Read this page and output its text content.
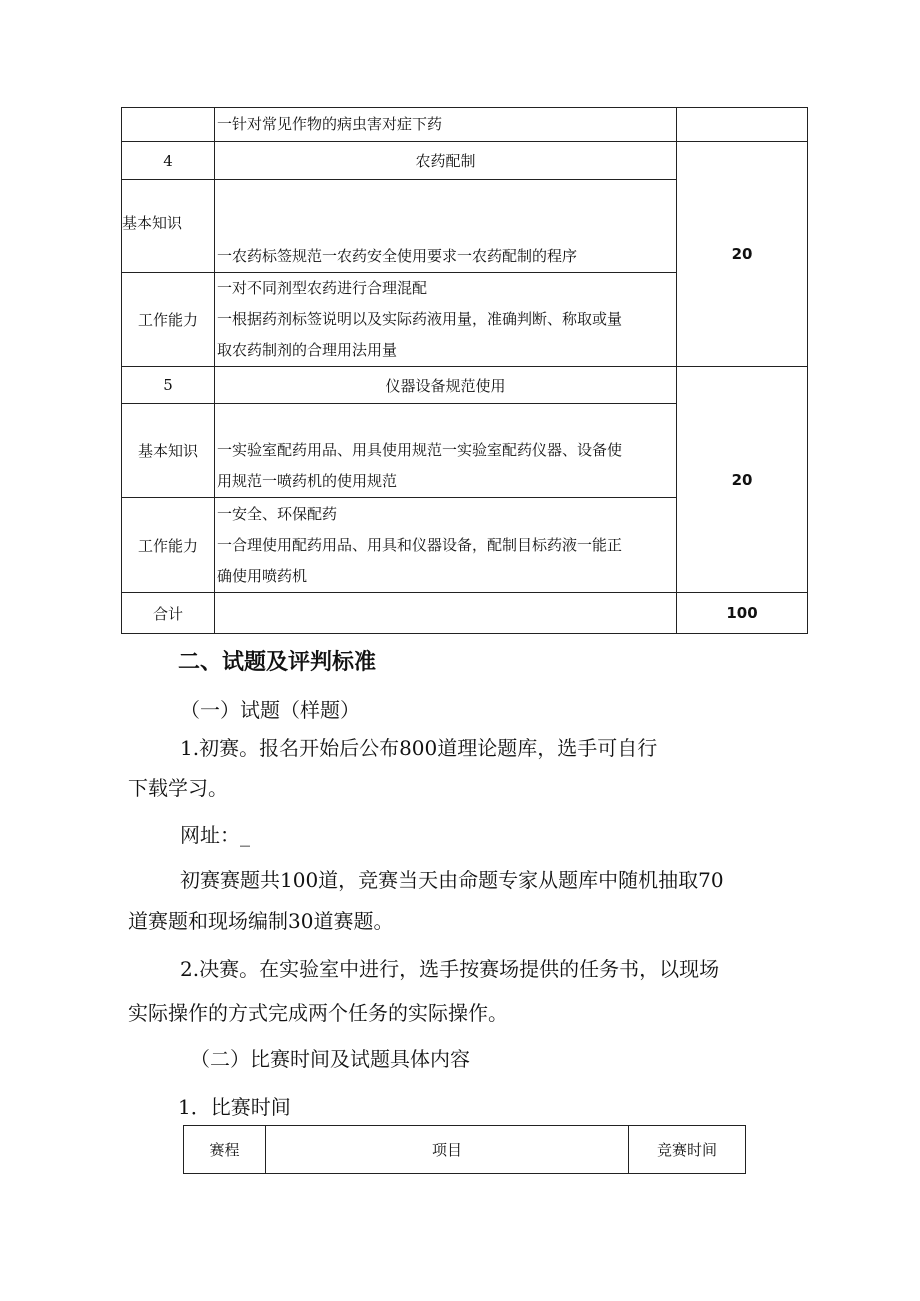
	一针对常见作物的病虫害对症下药	

4	农药配制	20
基本知识	一农药标签规范一农药安全使用要求一农药配制的程序	

工作能力	一对不同剂型农药进行合理混配
一根据药剂标签说明以及实际药液用量，准确判断、称取或量
取农药制剂的合理用法用量	

5	仪器设备规范使用	20
基本知识	一实验室配药用品、用具使用规范一实验室配药仪器、设备使
用规范一喷药机的使用规范	

工作能力	一安全、环保配药
一合理使用配药用品、用具和仪器设备，配制目标药液一能正
确使用喷药机	

合计		100
二、试题及评判标准
（一）试题（样题）
1.初赛。报名开始后公布800道理论题库，选手可自行
下载学习。
网址：_
初赛赛题共100道，竞赛当天由命题专家从题库中随机抽取70
道赛题和现场编制30道赛题。
2.决赛。在实验室中进行，选手按赛场提供的任务书，以现场
实际操作的方式完成两个任务的实际操作。
（二）比赛时间及试题具体内容
1．比赛时间
赛程	项目	竞赛时间
